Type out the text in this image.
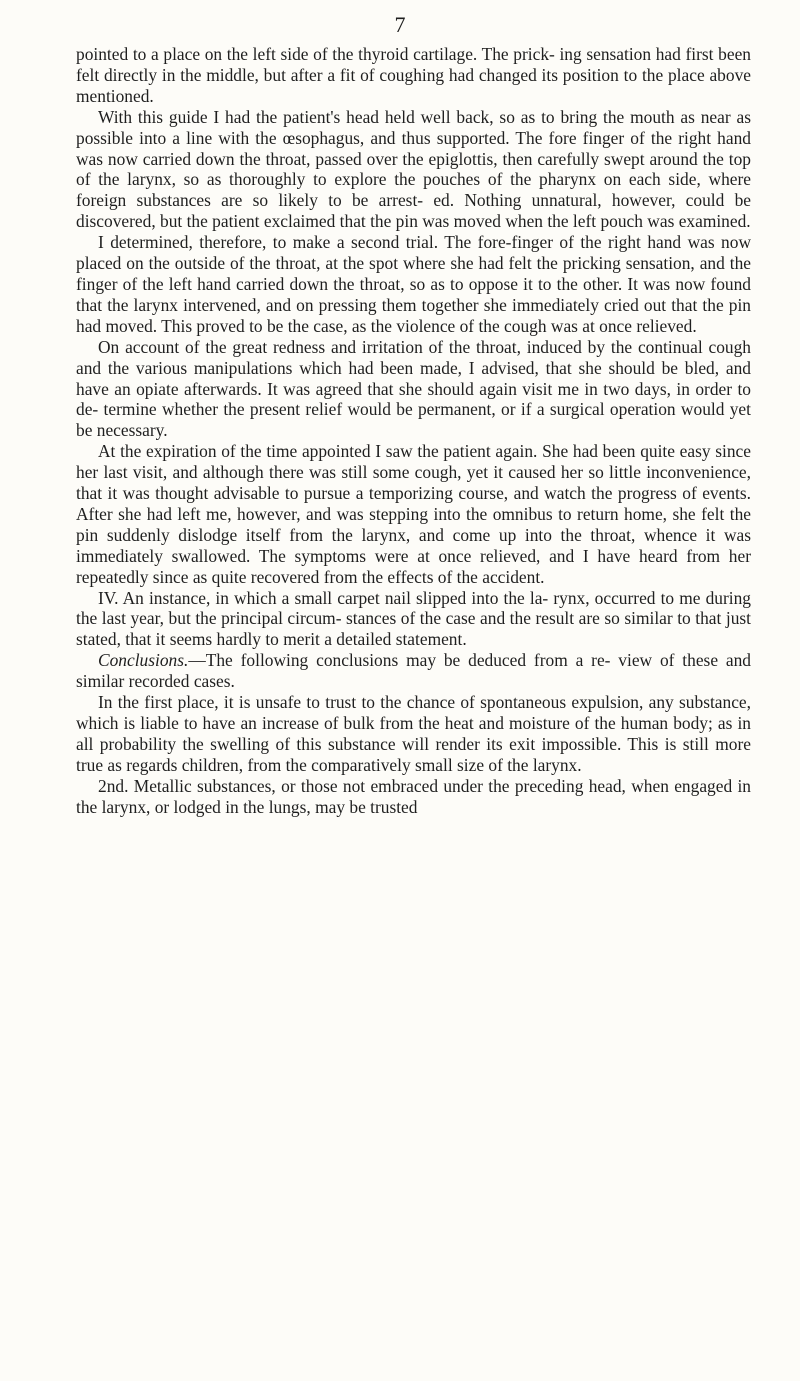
7

pointed to a place on the left side of the thyroid cartilage. The prick- ing sensation had first been felt directly in the middle, but after a fit of coughing had changed its position to the place above mentioned.

With this guide I had the patient's head held well back, so as to bring the mouth as near as possible into a line with the œsophagus, and thus supported. The fore finger of the right hand was now carried down the throat, passed over the epiglottis, then carefully swept around the top of the larynx, so as thoroughly to explore the pouches of the pharynx on each side, where foreign substances are so likely to be arrest- ed. Nothing unnatural, however, could be discovered, but the patient exclaimed that the pin was moved when the left pouch was examined.

I determined, therefore, to make a second trial. The fore-finger of the right hand was now placed on the outside of the throat, at the spot where she had felt the pricking sensation, and the finger of the left hand carried down the throat, so as to oppose it to the other. It was now found that the larynx intervened, and on pressing them together she immediately cried out that the pin had moved. This proved to be the case, as the violence of the cough was at once relieved.

On account of the great redness and irritation of the throat, induced by the continual cough and the various manipulations which had been made, I advised, that she should be bled, and have an opiate afterwards. It was agreed that she should again visit me in two days, in order to de- termine whether the present relief would be permanent, or if a surgical operation would yet be necessary.

At the expiration of the time appointed I saw the patient again. She had been quite easy since her last visit, and although there was still some cough, yet it caused her so little inconvenience, that it was thought advisable to pursue a temporizing course, and watch the progress of events. After she had left me, however, and was stepping into the omnibus to return home, she felt the pin suddenly dislodge itself from the larynx, and come up into the throat, whence it was immediately swallowed. The symptoms were at once relieved, and I have heard from her repeatedly since as quite recovered from the effects of the accident.

IV. An instance, in which a small carpet nail slipped into the la- rynx, occurred to me during the last year, but the principal circum- stances of the case and the result are so similar to that just stated, that it seems hardly to merit a detailed statement.

Conclusions.—The following conclusions may be deduced from a re- view of these and similar recorded cases.

In the first place, it is unsafe to trust to the chance of spontaneous expulsion, any substance, which is liable to have an increase of bulk from the heat and moisture of the human body; as in all probability the swelling of this substance will render its exit impossible. This is still more true as regards children, from the comparatively small size of the larynx.

2nd. Metallic substances, or those not embraced under the preceding head, when engaged in the larynx, or lodged in the lungs, may be trusted
